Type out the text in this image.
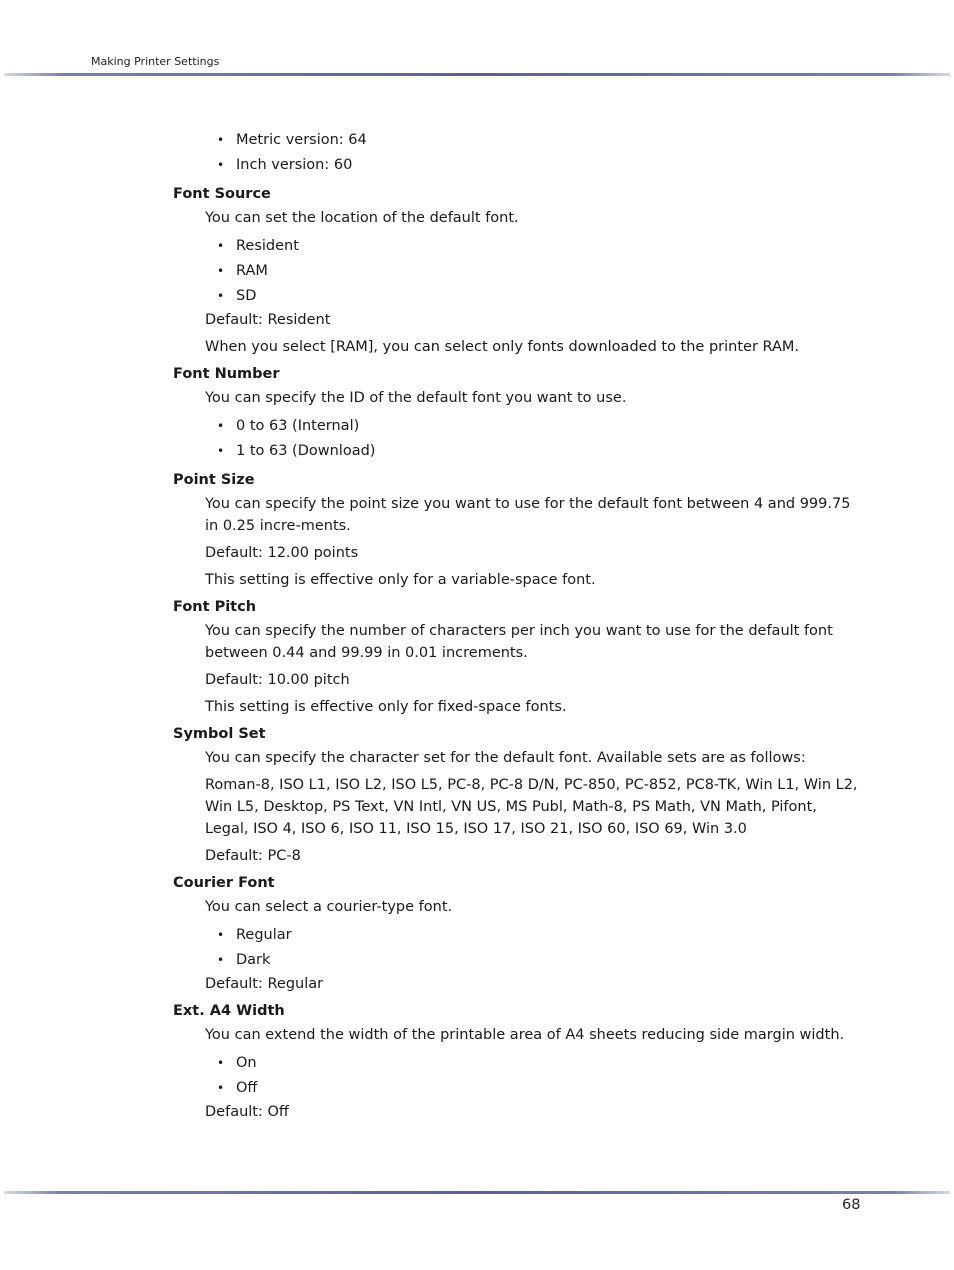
Making Printer Settings
• Metric version: 64
• Inch version: 60
Font Source

You can set the location of the default font.

• Resident
• RAM
• SD

Default: Resident

When you select [RAM], you can select only fonts downloaded to the printer RAM.

Font Number

You can specify the ID of the default font you want to use.

• 0 to 63 (Internal)
• 1 to 63 (Download)
Point Size

You can specify the point size you want to use for the default font between 4 and 999.75 in 0.25 incre-ments.

Default: 12.00 points

This setting is effective only for a variable-space font.

Font Pitch

You can specify the number of characters per inch you want to use for the default font between 0.44 and 99.99 in 0.01 increments.

Default: 10.00 pitch

This setting is effective only for fixed-space fonts.

Symbol Set

You can specify the character set for the default font. Available sets are as follows:

Roman-8, ISO L1, ISO L2, ISO L5, PC-8, PC-8 D/N, PC-850, PC-852, PC8-TK, Win L1, Win L2, Win L5, Desktop, PS Text, VN Intl, VN US, MS Publ, Math-8, PS Math, VN Math, Pifont, Legal, ISO 4, ISO 6, ISO 11, ISO 15, ISO 17, ISO 21, ISO 60, ISO 69, Win 3.0

Default: PC-8

Courier Font

You can select a courier-type font.

• Regular
• Dark

Default: Regular

Ext. A4 Width

You can extend the width of the printable area of A4 sheets reducing side margin width.

• On
• Off

Default: Off

68
